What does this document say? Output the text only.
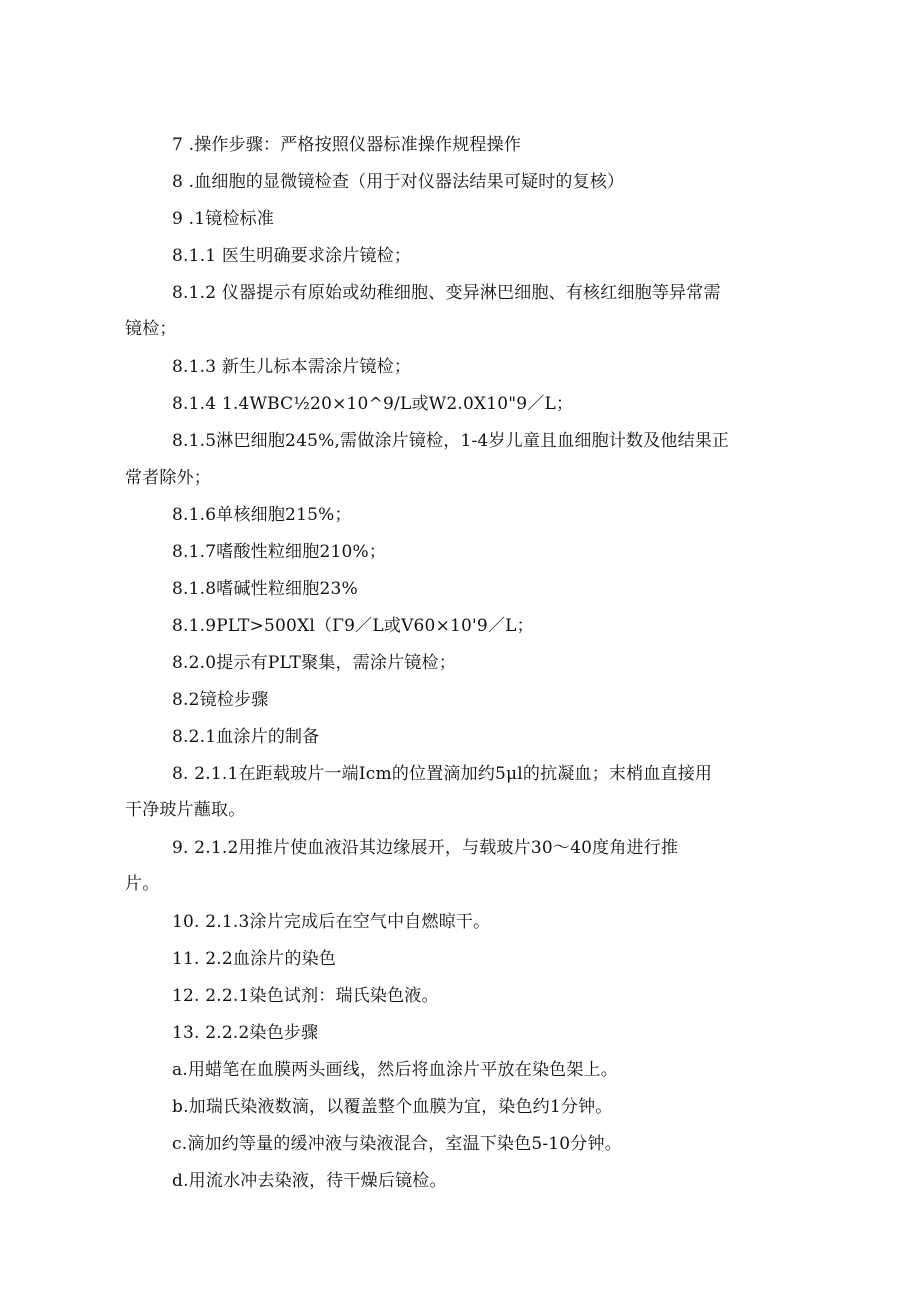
7 .操作步骤：严格按照仪器标准操作规程操作
8 .血细胞的显微镜检查（用于对仪器法结果可疑时的复核）
9 .1镜检标准
8.1.1 医生明确要求涂片镜检；
8.1.2 仪器提示有原始或幼稚细胞、变异淋巴细胞、有核红细胞等异常需
镜检；
8.1.3 新生儿标本需涂片镜检；
8.1.4 1.4WBC½20×10^9/L或W2.0X10"9／L；
8.1.5淋巴细胞245%,需做涂片镜检，1-4岁儿童且血细胞计数及他结果正
常者除外；
8.1.6单核细胞215%；
8.1.7嗜酸性粒细胞210%；
8.1.8嗜碱性粒细胞23%
8.1.9PLT>500Xl（Γ9／L或V60×10'9／L；
8.2.0提示有PLT聚集，需涂片镜检；
8.2镜检步骤
8.2.1血涂片的制备
8. 2.1.1在距载玻片一端Icm的位置滴加约5μl的抗凝血；末梢血直接用
干净玻片蘸取。
9. 2.1.2用推片使血液沿其边缘展开，与载玻片30～40度角进行推
片。
10. 2.1.3涂片完成后在空气中自燃晾干。
11. 2.2血涂片的染色
12. 2.2.1染色试剂：瑞氏染色液。
13. 2.2.2染色步骤
a.用蜡笔在血膜两头画线，然后将血涂片平放在染色架上。
b.加瑞氏染液数滴，以覆盖整个血膜为宜，染色约1分钟。
c.滴加约等量的缓冲液与染液混合，室温下染色5-10分钟。
d.用流水冲去染液，待干燥后镜检。
